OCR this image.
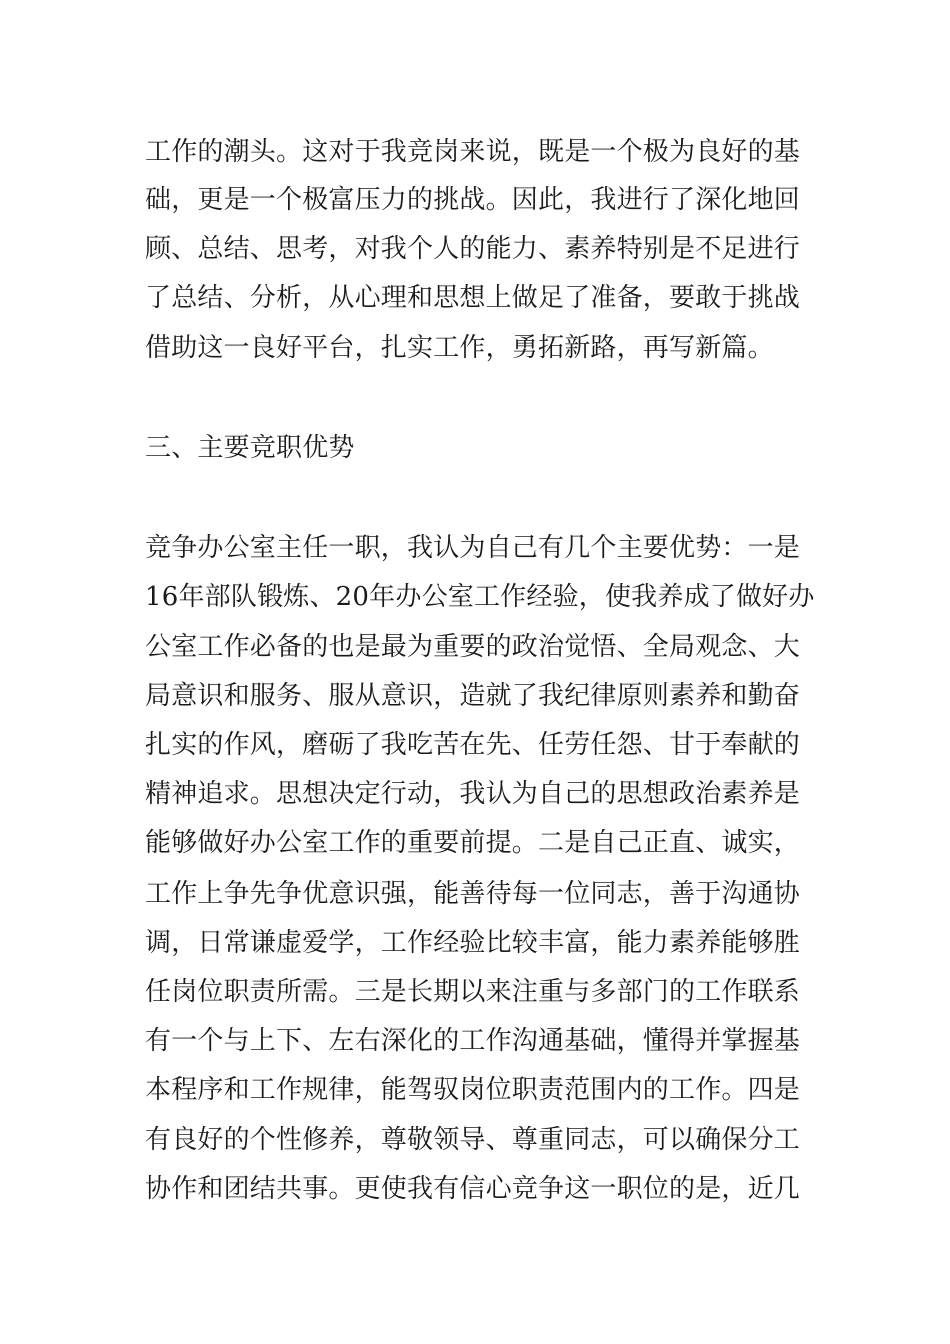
工作的潮头。这对于我竞岗来说，既是一个极为良好的基
础，更是一个极富压力的挑战。因此，我进行了深化地回
顾、总结、思考，对我个人的能力、素养特别是不足进行
了总结、分析，从心理和思想上做足了准备，要敢于挑战
借助这一良好平台，扎实工作，勇拓新路，再写新篇。
三、主要竞职优势
竞争办公室主任一职，我认为自己有几个主要优势：一是
16年部队锻炼、20年办公室工作经验，使我养成了做好办
公室工作必备的也是最为重要的政治觉悟、全局观念、大
局意识和服务、服从意识，造就了我纪律原则素养和勤奋
扎实的作风，磨砺了我吃苦在先、任劳任怨、甘于奉献的
精神追求。思想决定行动，我认为自己的思想政治素养是
能够做好办公室工作的重要前提。二是自己正直、诚实，
工作上争先争优意识强，能善待每一位同志，善于沟通协
调，日常谦虚爱学，工作经验比较丰富，能力素养能够胜
任岗位职责所需。三是长期以来注重与多部门的工作联系
有一个与上下、左右深化的工作沟通基础，懂得并掌握基
本程序和工作规律，能驾驭岗位职责范围内的工作。四是
有良好的个性修养，尊敬领导、尊重同志，可以确保分工
协作和团结共事。更使我有信心竞争这一职位的是，近几
